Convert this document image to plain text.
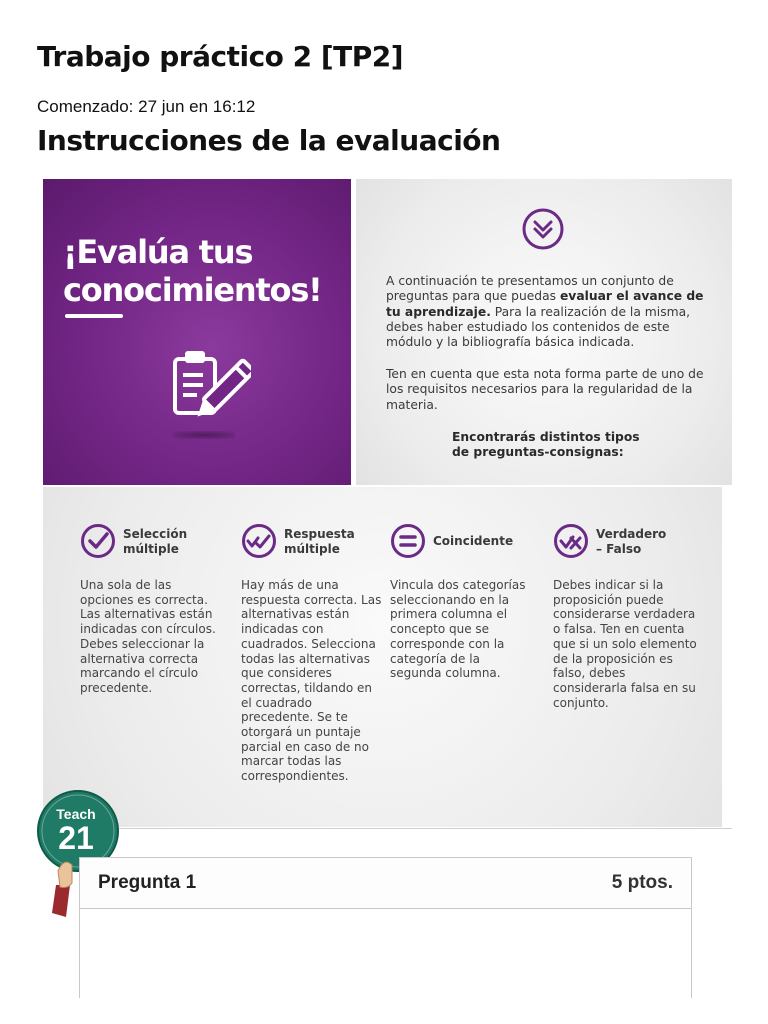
Trabajo práctico 2 [TP2]
Comenzado: 27 jun en 16:12
Instrucciones de la evaluación
¡Evalúa tus
conocimientos!	A continuación te presentamos un conjunto de preguntas para que puedas evaluar el avance de tu aprendizaje. Para la realización de la misma, debes haber estudiado los contenidos de este módulo y la bibliografía básica indicada.

Ten en cuenta que esta nota forma parte de uno de los requisitos necesarios para la regularidad de la materia.

Encontrarás distintos tipos
de preguntas-consignas:

Selección
múltiple

Una sola de las opciones es correcta. Las alternativas están indicadas con círculos. Debes seleccionar la alternativa correcta marcando el círculo precedente.

Respuesta
múltiple

Hay más de una respuesta correcta. Las alternativas están indicadas con cuadrados. Selecciona todas las alternativas que consideres correctas, tildando en el cuadrado precedente. Se te otorgará un puntaje parcial en caso de no marcar todas las correspondientes.

Coincidente

Vincula dos categorías seleccionando en la primera columna el concepto que se corresponde con la categoría de la segunda columna.

Verdadero
– Falso

Debes indicar si la proposición puede considerarse verdadera o falsa. Ten en cuenta que si un solo elemento de la proposición es falso, debes considerarla falsa en su conjunto.

Teach
21
Pregunta 1	5 ptos.
